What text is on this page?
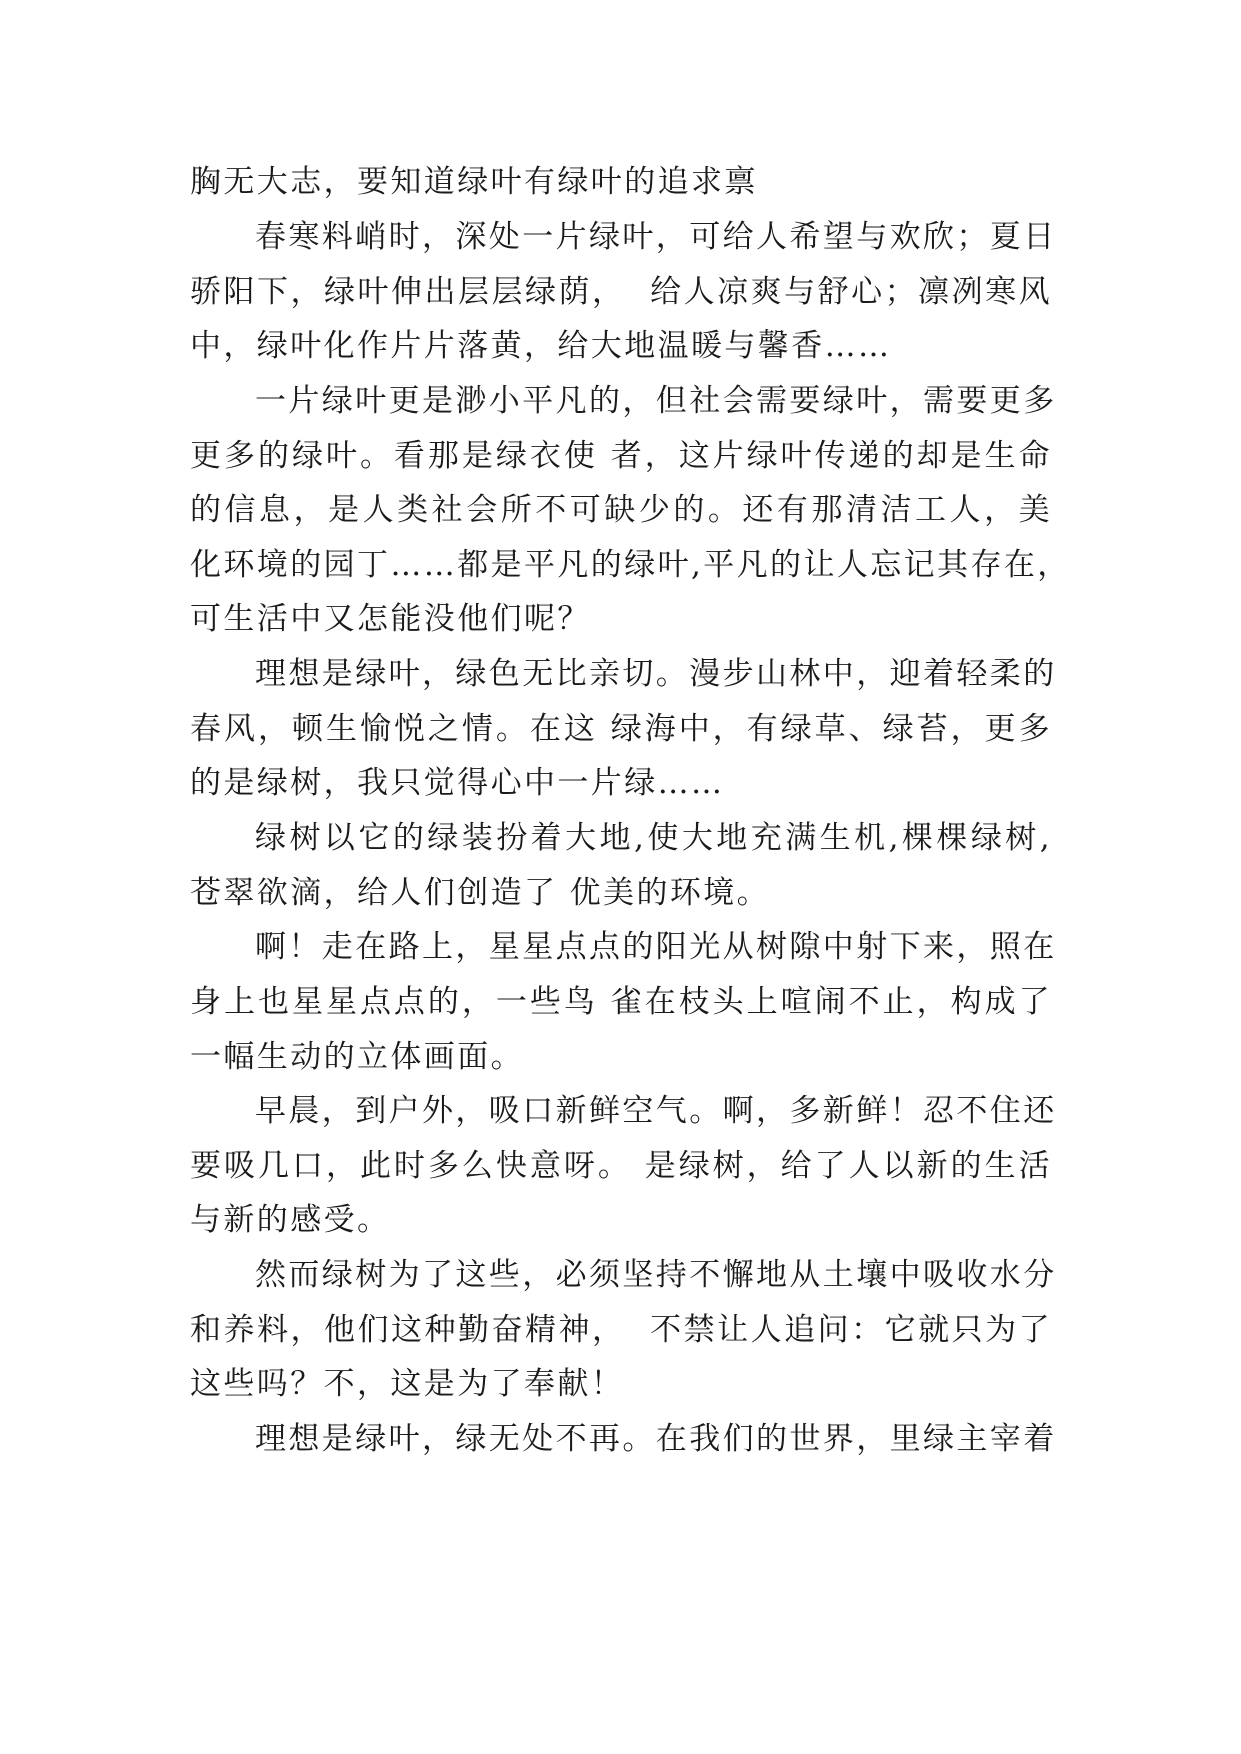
胸无大志，要知道绿叶有绿叶的追求禀
春寒料峭时，深处一片绿叶，可给人希望与欢欣；夏日
骄阳下，绿叶伸出层层绿荫，  给人凉爽与舒心；凛冽寒风
中，绿叶化作片片落黄，给大地温暖与馨香……
一片绿叶更是渺小平凡的，但社会需要绿叶，需要更多
更多的绿叶。看那是绿衣使 者，这片绿叶传递的却是生命
的信息，是人类社会所不可缺少的。还有那清洁工人，美
化环境的园丁……都是平凡的绿叶,平凡的让人忘记其存在，
可生活中又怎能没他们呢？
理想是绿叶，绿色无比亲切。漫步山林中，迎着轻柔的
春风，顿生愉悦之情。在这 绿海中，有绿草、绿苔，更多
的是绿树，我只觉得心中一片绿……
绿树以它的绿装扮着大地,使大地充满生机,棵棵绿树,
苍翠欲滴，给人们创造了 优美的环境。
啊！走在路上，星星点点的阳光从树隙中射下来，照在
身上也星星点点的，一些鸟 雀在枝头上喧闹不止，构成了
一幅生动的立体画面。
早晨，到户外，吸口新鲜空气。啊，多新鲜！忍不住还
要吸几口，此时多么快意呀。 是绿树，给了人以新的生活
与新的感受。
然而绿树为了这些，必须坚持不懈地从土壤中吸收水分
和养料，他们这种勤奋精神，  不禁让人追问：它就只为了
这些吗？不，这是为了奉献！
理想是绿叶，绿无处不再。在我们的世界，里绿主宰着
